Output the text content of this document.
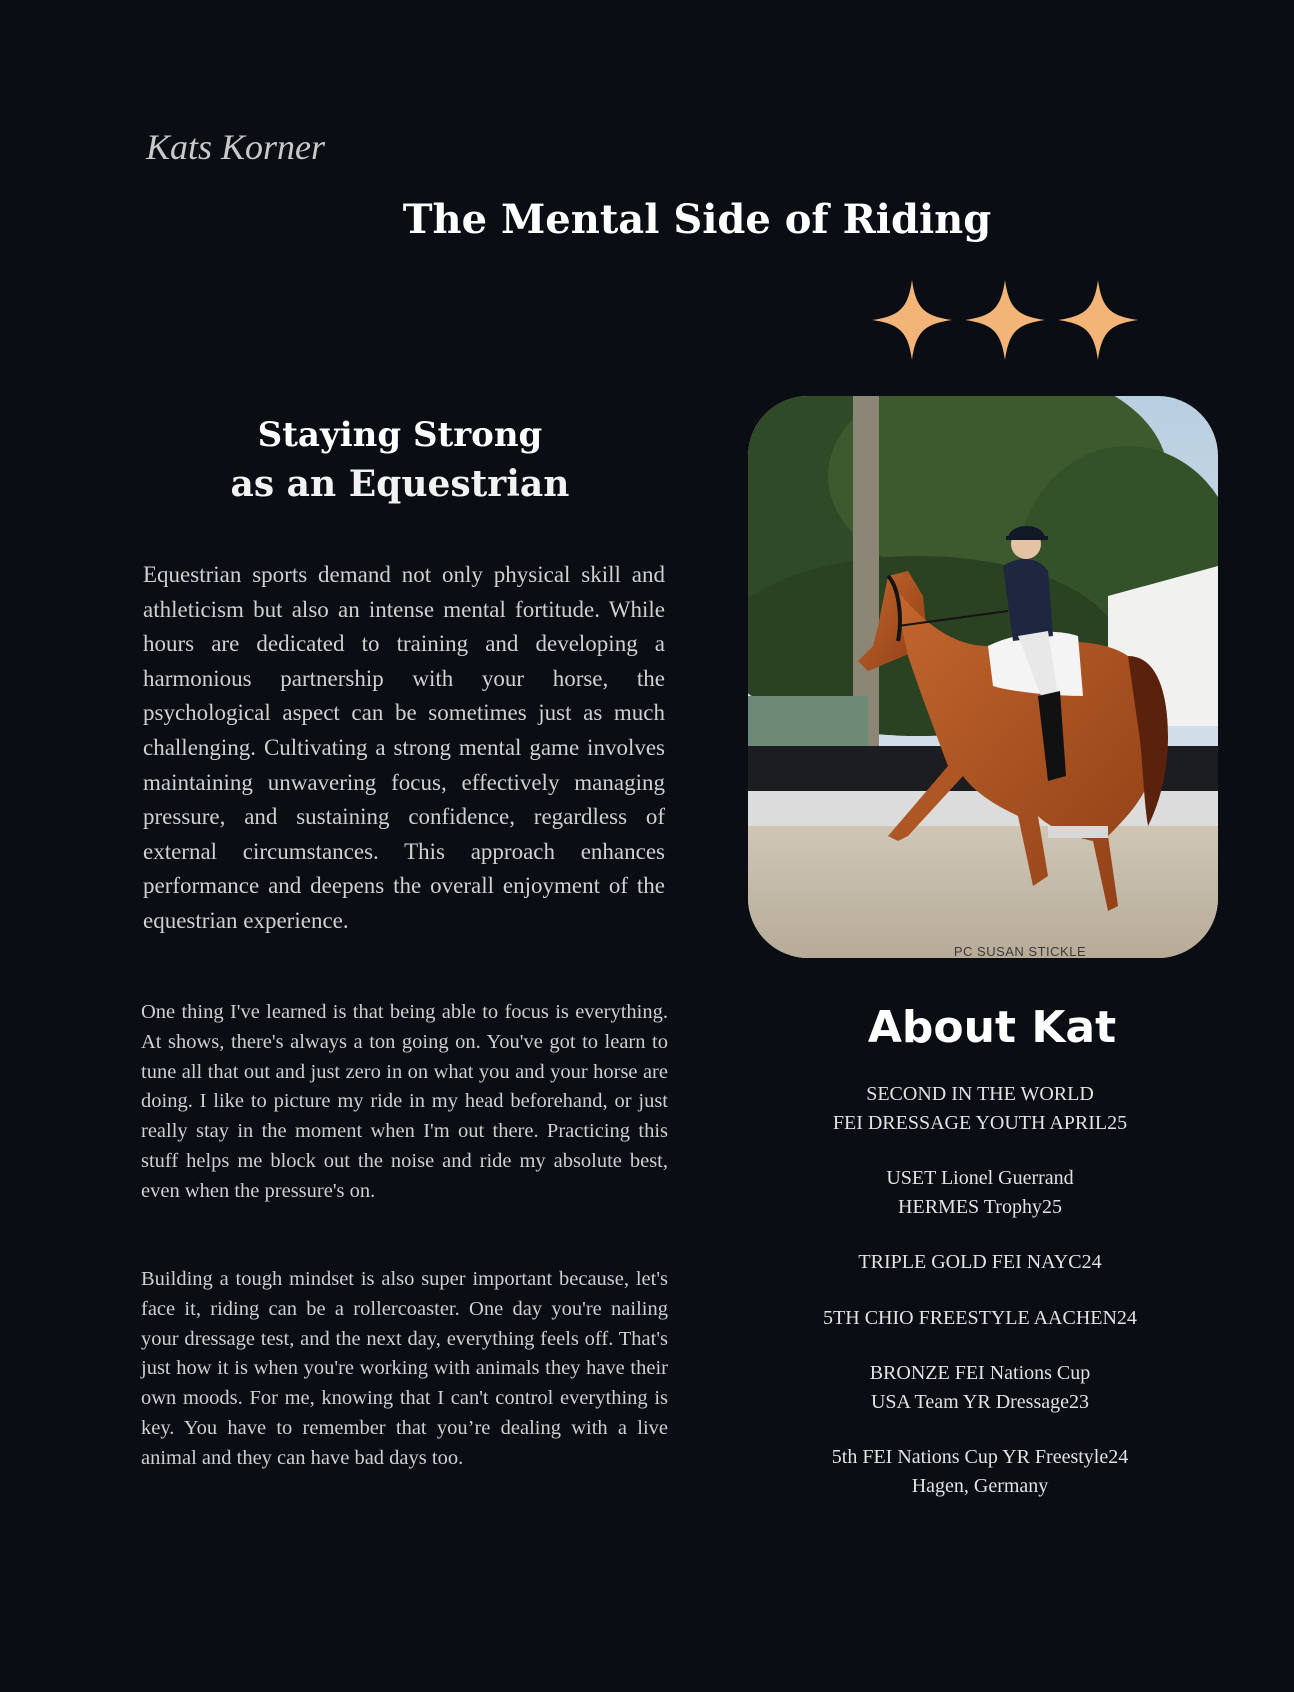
Kats Korner

The Mental Side of Riding
Staying Strong
as an Equestrian

Equestrian sports demand not only physical skill and athleticism but also an intense mental fortitude. While hours are dedicated to training and developing a harmonious partnership with your horse, the psychological aspect can be sometimes just as much challenging. Cultivating a strong mental game involves maintaining unwavering focus, effectively managing pressure, and sustaining confidence, regardless of external circumstances. This approach enhances performance and deepens the overall enjoyment of the equestrian experience.

One thing I've learned is that being able to focus is everything. At shows, there's always a ton going on. You've got to learn to tune all that out and just zero in on what you and your horse are doing. I like to picture my ride in my head beforehand, or just really stay in the moment when I'm out there. Practicing this stuff helps me block out the noise and ride my absolute best, even when the pressure's on.

Building a tough mindset is also super important because, let's face it, riding can be a rollercoaster. One day you're nailing your dressage test, and the next day, everything feels off. That's just how it is when you're working with animals they have their own moods. For me, knowing that I can't control everything is key. You have to remember that you’re dealing with a live animal and they can have bad days too.

PC SUSAN STICKLE

About Kat
SECOND IN THE WORLD
FEI DRESSAGE YOUTH APRIL25
USET Lionel Guerrand
HERMES Trophy25
TRIPLE GOLD FEI NAYC24
5TH CHIO FREESTYLE AACHEN24
BRONZE FEI Nations Cup
USA Team YR Dressage23
5th FEI Nations Cup YR Freestyle24
Hagen, Germany
